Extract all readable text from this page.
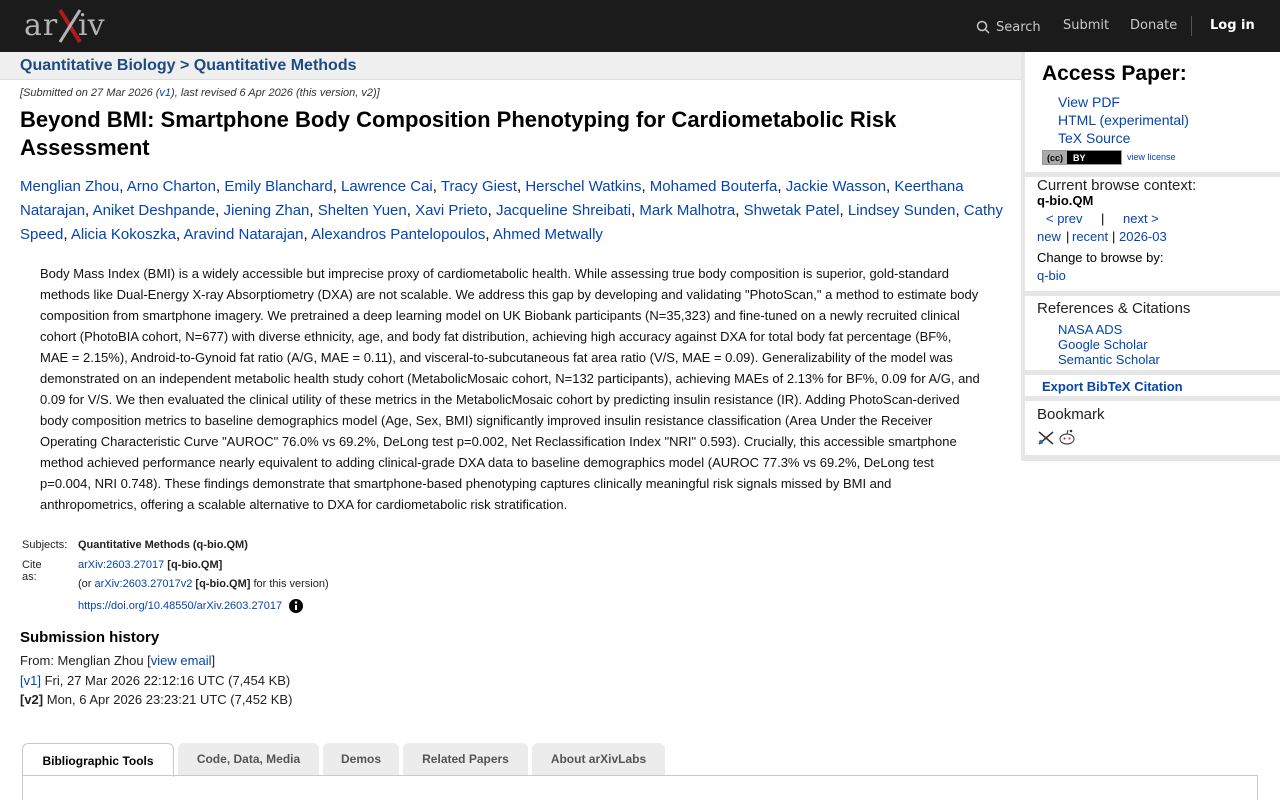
ar iv	Search Submit Donate	Log in
Quantitative Biology > Quantitative Methods
[Submitted on 27 Mar 2026 (v1), last revised 6 Apr 2026 (this version, v2)]
Beyond BMI: Smartphone Body Composition Phenotyping for Cardiometabolic Risk Assessment
Menglian Zhou, Arno Charton, Emily Blanchard, Lawrence Cai, Tracy Giest, Herschel Watkins, Mohamed Bouterfa, Jackie Wasson, Keerthana Natarajan, Aniket Deshpande, Jiening Zhan, Shelten Yuen, Xavi Prieto, Jacqueline Shreibati, Mark Malhotra, Shwetak Patel, Lindsey Sunden, Cathy Speed, Alicia Kokoszka, Aravind Natarajan, Alexandros Pantelopoulos, Ahmed Metwally
Body Mass Index (BMI) is a widely accessible but imprecise proxy of cardiometabolic health. While assessing true body composition is superior, gold-standard methods like Dual-Energy X-ray Absorptiometry (DXA) are not scalable. We address this gap by developing and validating "PhotoScan," a method to estimate body composition from smartphone imagery. We pretrained a deep learning model on UK Biobank participants (N=35,323) and fine-tuned on a newly recruited clinical cohort (PhotoBIA cohort, N=677) with diverse ethnicity, age, and body fat distribution, achieving high accuracy against DXA for total body fat percentage (BF%, MAE = 2.15%), Android-to-Gynoid fat ratio (A/G, MAE = 0.11), and visceral-to-subcutaneous fat area ratio (V/S, MAE = 0.09). Generalizability of the model was demonstrated on an independent metabolic health study cohort (MetabolicMosaic cohort, N=132 participants), achieving MAEs of 2.13% for BF%, 0.09 for A/G, and 0.09 for V/S. We then evaluated the clinical utility of these metrics in the MetabolicMosaic cohort by predicting insulin resistance (IR). Adding PhotoScan-derived body composition metrics to baseline demographics model (Age, Sex, BMI) significantly improved insulin resistance classification (Area Under the Receiver Operating Characteristic Curve "AUROC" 76.0% vs 69.2%, DeLong test p=0.002, Net Reclassification Index "NRI" 0.593). Crucially, this accessible smartphone method achieved performance nearly equivalent to adding clinical-grade DXA data to baseline demographics model (AUROC 77.3% vs 69.2%, DeLong test p=0.004, NRI 0.748). These findings demonstrate that smartphone-based phenotyping captures clinically meaningful risk signals missed by BMI and anthropometrics, offering a scalable alternative to DXA for cardiometabolic risk stratification.
Subjects: Quantitative Methods (q-bio.QM)
Cite as:
arXiv:2603.27017 [q-bio.QM]
(or arXiv:2603.27017v2 [q-bio.QM] for this version)
https://doi.org/10.48550/arXiv.2603.27017
Submission history
From: Menglian Zhou [view email]
[v1] Fri, 27 Mar 2026 22:12:16 UTC (7,454 KB)
[v2] Mon, 6 Apr 2026 23:23:21 UTC (7,452 KB)
Bibliographic Tools	Code, Data, Media	Demos	Related Papers	About arXivLabs
Access Paper:
View PDF
HTML (experimental)
TeX Source
(cc)	BY	view license
Current browse context:
q-bio.QM
< prev | next >
new | recent | 2026-03
Change to browse by:
q-bio
References & Citations
NASA ADS
Google Scholar
Semantic Scholar
Export BibTeX Citation
Bookmark
